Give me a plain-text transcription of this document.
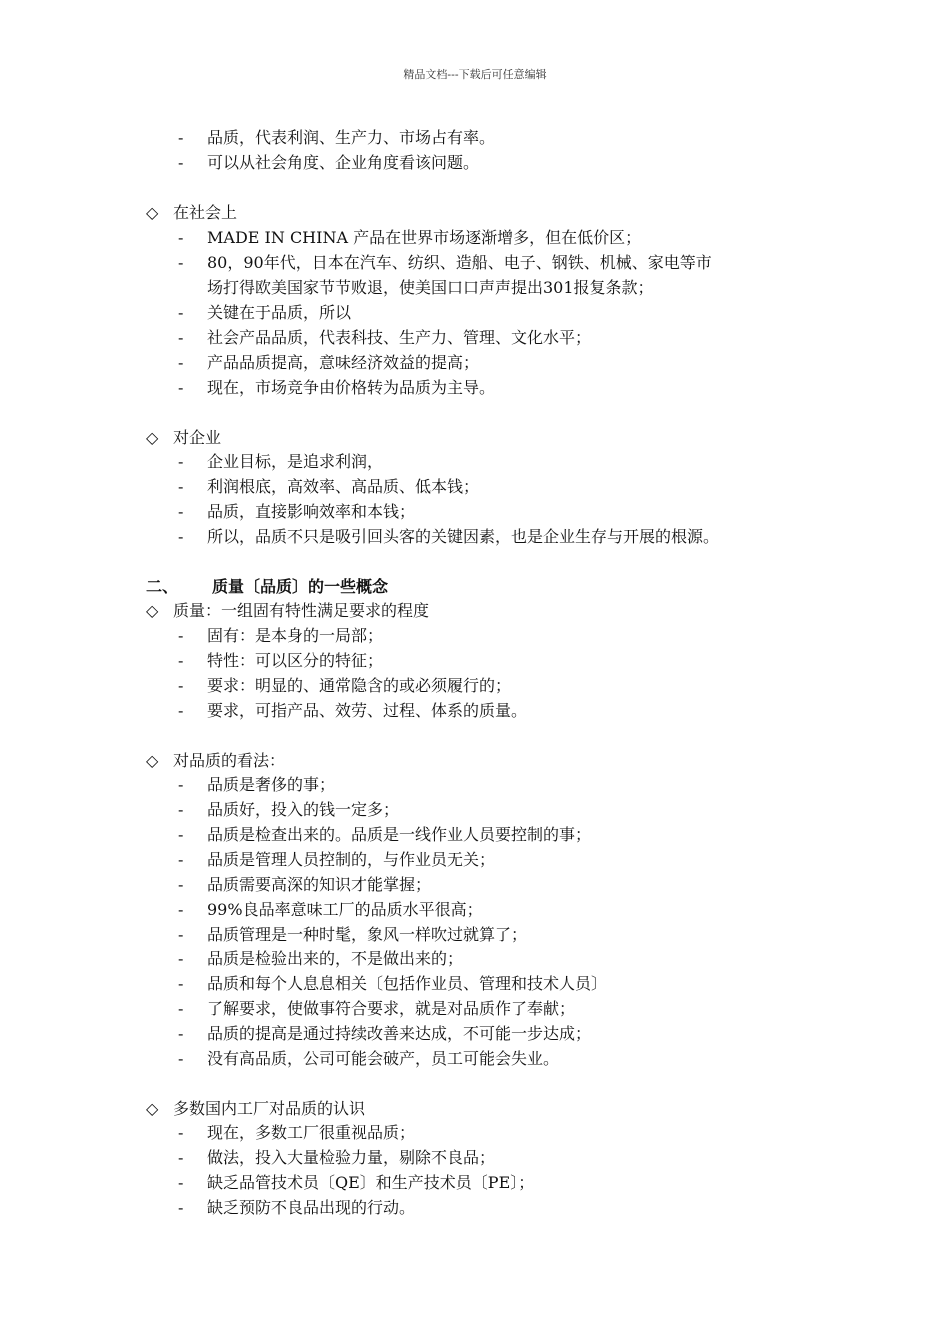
精品文档---下载后可任意编辑
- 品质，代表利润、生产力、市场占有率。
- 可以从社会角度、企业角度看该问题。
◇ 在社会上
- MADE IN CHINA 产品在世界市场逐渐增多，但在低价区；
- 80，90年代，日本在汽车、纺织、造船、电子、钢铁、机械、家电等市
场打得欧美国家节节败退，使美国口口声声提出301报复条款；
- 关键在于品质，所以
- 社会产品品质，代表科技、生产力、管理、文化水平；
- 产品品质提高，意味经济效益的提高；
- 现在，市场竞争由价格转为品质为主导。
◇ 对企业
- 企业目标，是追求利润，
- 利润根底，高效率、高品质、低本钱；
- 品质，直接影响效率和本钱；
- 所以，品质不只是吸引回头客的关键因素，也是企业生存与开展的根源。
二、 质量〔品质〕的一些概念
◇ 质量：一组固有特性满足要求的程度
- 固有：是本身的一局部；
- 特性：可以区分的特征；
- 要求：明显的、通常隐含的或必须履行的；
- 要求，可指产品、效劳、过程、体系的质量。
◇ 对品质的看法：
- 品质是奢侈的事；
- 品质好，投入的钱一定多；
- 品质是检查出来的。品质是一线作业人员要控制的事；
- 品质是管理人员控制的，与作业员无关；
- 品质需要高深的知识才能掌握；
- 99%良品率意味工厂的品质水平很高；
- 品质管理是一种时髦，象风一样吹过就算了；
- 品质是检验出来的，不是做出来的；
- 品质和每个人息息相关〔包括作业员、管理和技术人员〕
- 了解要求，使做事符合要求，就是对品质作了奉献；
- 品质的提高是通过持续改善来达成，不可能一步达成；
- 没有高品质，公司可能会破产，员工可能会失业。
◇ 多数国内工厂对品质的认识
- 现在，多数工厂很重视品质；
- 做法，投入大量检验力量，剔除不良品；
- 缺乏品管技术员〔QE〕和生产技术员〔PE〕；
- 缺乏预防不良品出现的行动。
